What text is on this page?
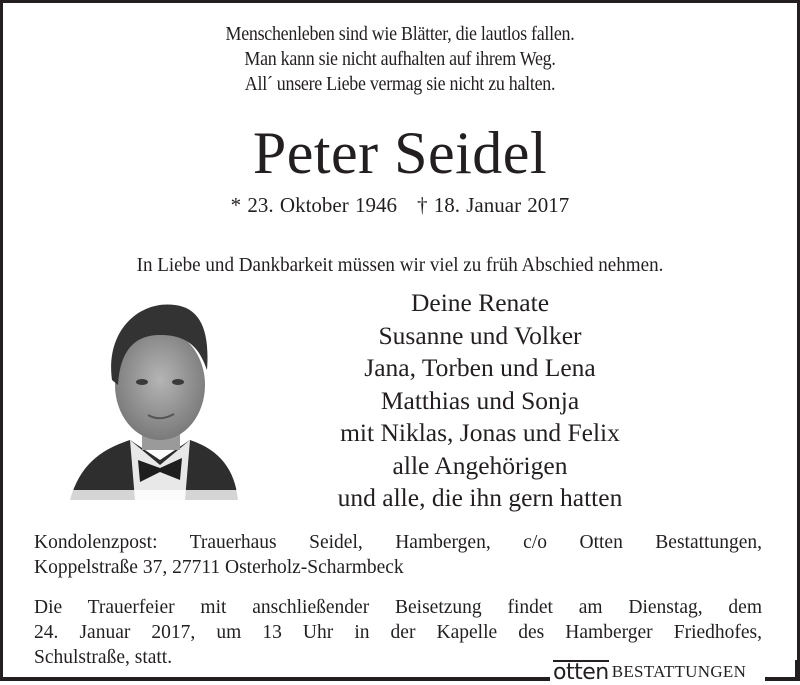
Menschenleben sind wie Blätter, die lautlos fallen.
Man kann sie nicht aufhalten auf ihrem Weg.
All´ unsere Liebe vermag sie nicht zu halten.
Peter Seidel
* 23. Oktober 1946 † 18. Januar 2017
In Liebe und Dankbarkeit müssen wir viel zu früh Abschied nehmen.
Deine Renate
Susanne und Volker
Jana, Torben und Lena
Matthias und Sonja
mit Niklas, Jonas und Felix
alle Angehörigen
und alle, die ihn gern hatten
Kondolenzpost: Trauerhaus Seidel, Hambergen, c/o Otten Bestattungen,
Koppelstraße 37, 27711 Osterholz-Scharmbeck
Die Trauerfeier mit anschließender Beisetzung findet am Dienstag, dem
24. Januar 2017, um 13 Uhr in der Kapelle des Hamberger Friedhofes,
Schulstraße, statt.
otten BESTATTUNGEN
